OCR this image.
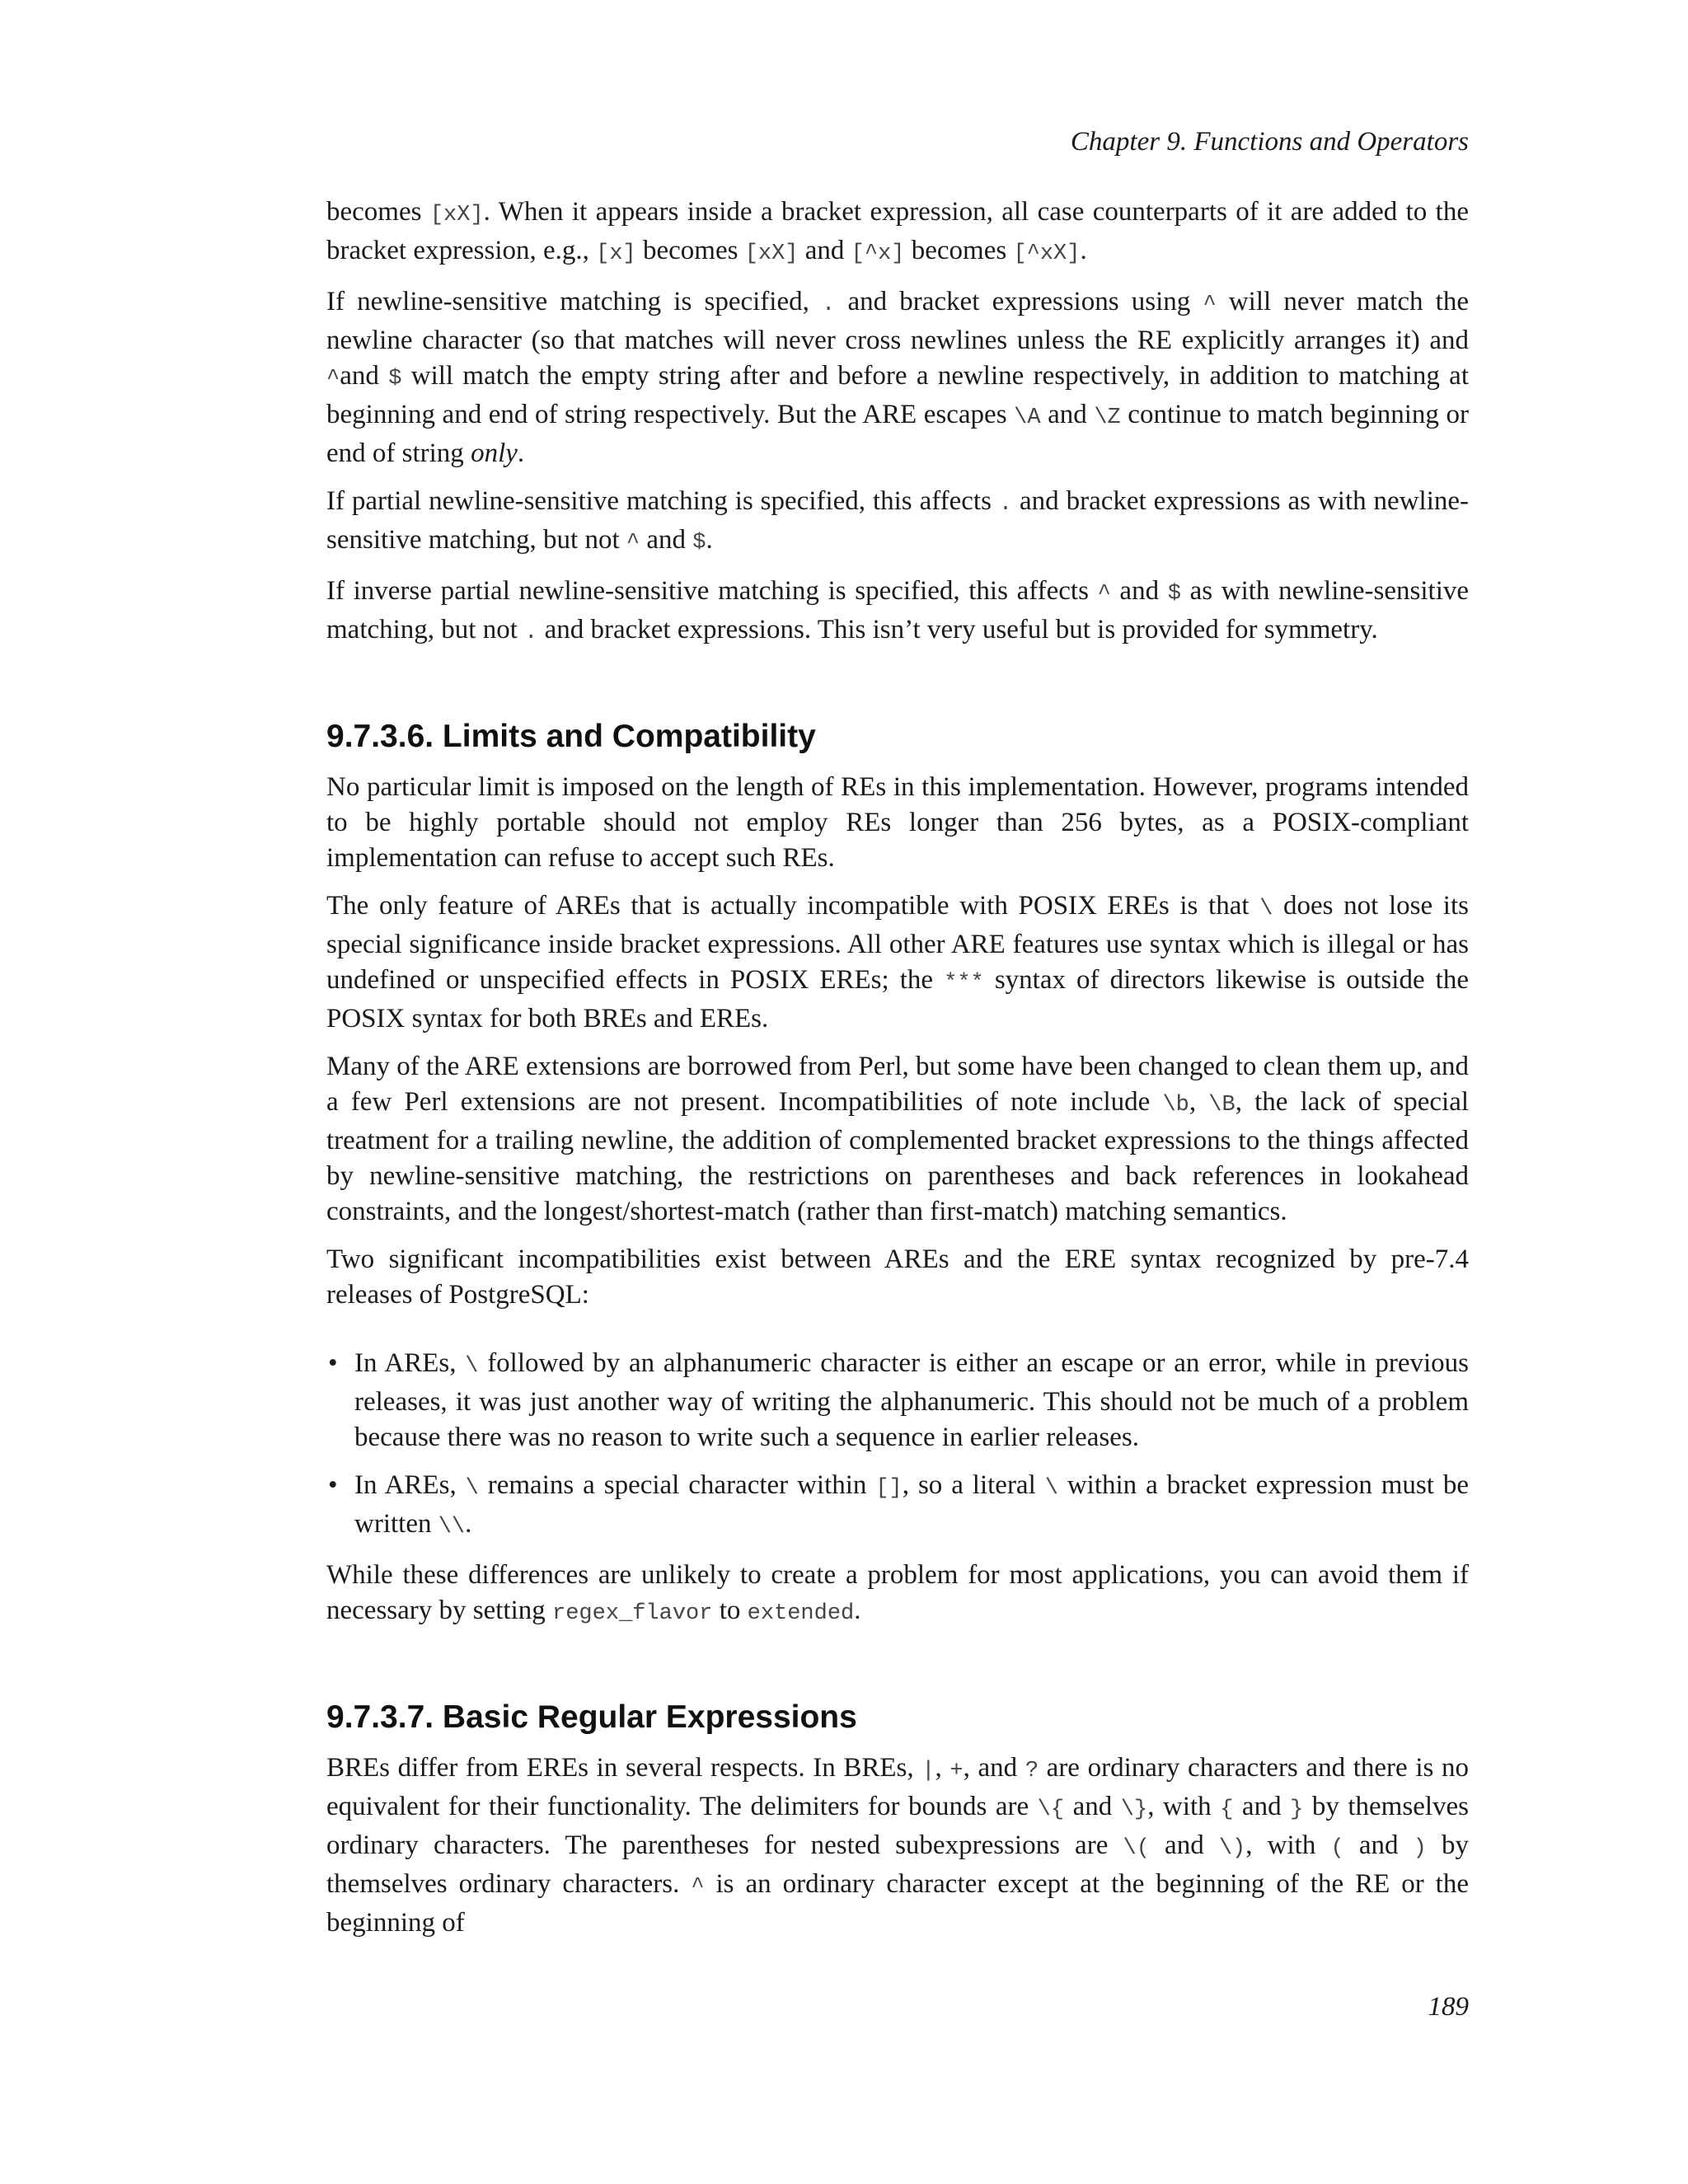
Chapter 9. Functions and Operators

becomes [xX]. When it appears inside a bracket expression, all case counterparts of it are added to the bracket expression, e.g., [x] becomes [xX] and [^x] becomes [^xX].

If newline-sensitive matching is specified, . and bracket expressions using ^ will never match the newline character (so that matches will never cross newlines unless the RE explicitly arranges it) and ^and $ will match the empty string after and before a newline respectively, in addition to matching at beginning and end of string respectively. But the ARE escapes \A and \Z continue to match beginning or end of string only.

If partial newline-sensitive matching is specified, this affects . and bracket expressions as with newline-sensitive matching, but not ^ and $.

If inverse partial newline-sensitive matching is specified, this affects ^ and $ as with newline-sensitive matching, but not . and bracket expressions. This isn’t very useful but is provided for symmetry.

9.7.3.6. Limits and Compatibility

No particular limit is imposed on the length of REs in this implementation. However, programs intended to be highly portable should not employ REs longer than 256 bytes, as a POSIX-compliant implementation can refuse to accept such REs.

The only feature of AREs that is actually incompatible with POSIX EREs is that \ does not lose its special significance inside bracket expressions. All other ARE features use syntax which is illegal or has undefined or unspecified effects in POSIX EREs; the *** syntax of directors likewise is outside the POSIX syntax for both BREs and EREs.

Many of the ARE extensions are borrowed from Perl, but some have been changed to clean them up, and a few Perl extensions are not present. Incompatibilities of note include \b, \B, the lack of special treatment for a trailing newline, the addition of complemented bracket expressions to the things affected by newline-sensitive matching, the restrictions on parentheses and back references in lookahead constraints, and the longest/shortest-match (rather than first-match) matching semantics.

Two significant incompatibilities exist between AREs and the ERE syntax recognized by pre-7.4 releases of PostgreSQL:

• In AREs, \ followed by an alphanumeric character is either an escape or an error, while in previous releases, it was just another way of writing the alphanumeric. This should not be much of a problem because there was no reason to write such a sequence in earlier releases.
• In AREs, \ remains a special character within [], so a literal \ within a bracket expression must be written \\.

While these differences are unlikely to create a problem for most applications, you can avoid them if necessary by setting regex_flavor to extended.

9.7.3.7. Basic Regular Expressions

BREs differ from EREs in several respects. In BREs, |, +, and ? are ordinary characters and there is no equivalent for their functionality. The delimiters for bounds are \{ and \}, with { and } by themselves ordinary characters. The parentheses for nested subexpressions are \( and \), with ( and ) by themselves ordinary characters. ^ is an ordinary character except at the beginning of the RE or the beginning of

189
